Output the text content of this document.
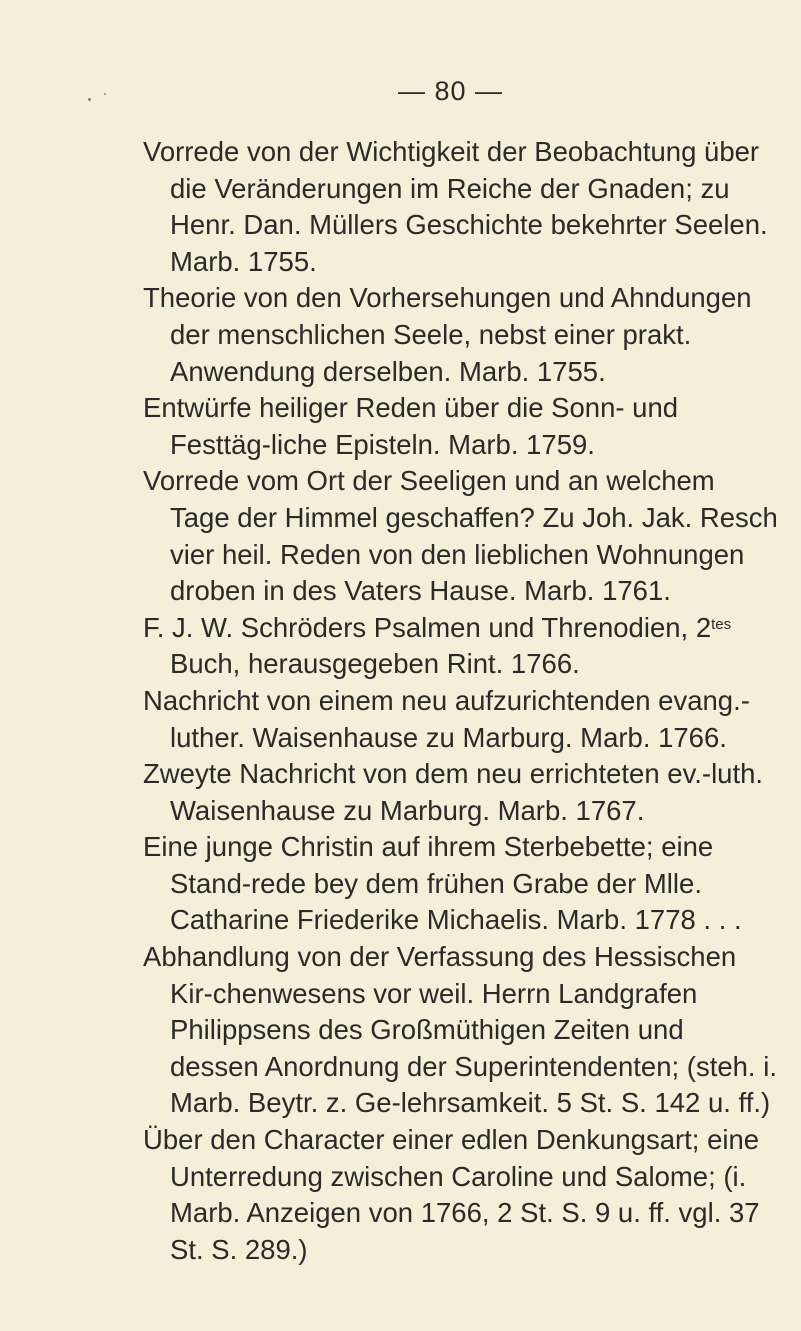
— 80 —

Vorrede von der Wichtigkeit der Beobachtung über die Veränderungen im Reiche der Gnaden; zu Henr. Dan. Müllers Geschichte bekehrter Seelen. Marb. 1755.

Theorie von den Vorhersehungen und Ahndungen der menschlichen Seele, nebst einer prakt. Anwendung derselben. Marb. 1755.

Entwürfe heiliger Reden über die Sonn- und Festtäg-liche Episteln. Marb. 1759.

Vorrede vom Ort der Seeligen und an welchem Tage der Himmel geschaffen? Zu Joh. Jak. Resch vier heil. Reden von den lieblichen Wohnungen droben in des Vaters Hause. Marb. 1761.

F. J. W. Schröders Psalmen und Threnodien, $2^{tes}$ Buch, herausgegeben Rint. 1766.

Nachricht von einem neu aufzurichtenden evang.-luther. Waisenhause zu Marburg. Marb. 1766.

Zweyte Nachricht von dem neu errichteten ev.-luth. Waisenhause zu Marburg. Marb. 1767.

Eine junge Christin auf ihrem Sterbebette; eine Stand-rede bey dem frühen Grabe der Mlle. Catharine Friederike Michaelis. Marb. 1778 . . .

Abhandlung von der Verfassung des Hessischen Kir-chenwesens vor weil. Herrn Landgrafen Philippsens des Großmüthigen Zeiten und dessen Anordnung der Superintendenten; (steh. i. Marb. Beytr. z. Ge-lehrsamkeit. 5 St. S. 142 u. ff.)

Über den Character einer edlen Denkungsart; eine Unterredung zwischen Caroline und Salome; (i. Marb. Anzeigen von 1766, 2 St. S. 9 u. ff. vgl. 37 St. S. 289.)
